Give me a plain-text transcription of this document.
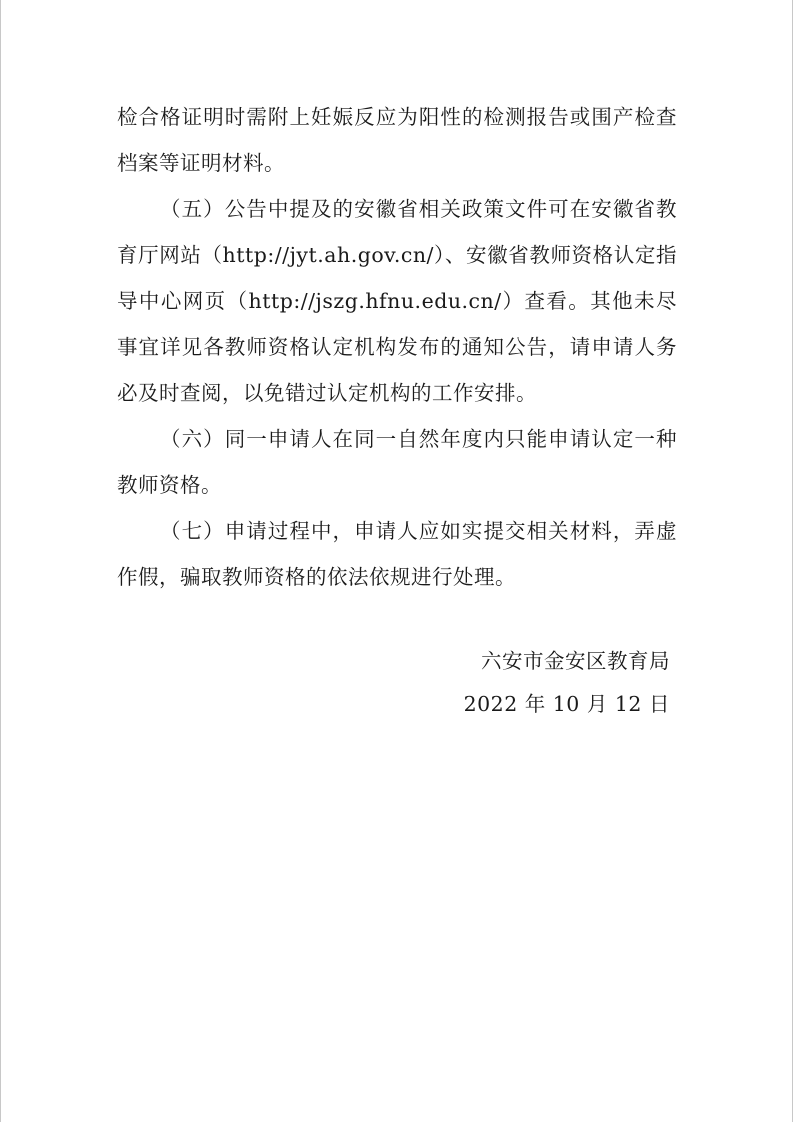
检合格证明时需附上妊娠反应为阳性的检测报告或围产检查档案等证明材料。

（五）公告中提及的安徽省相关政策文件可在安徽省教育厅网站（http://jyt.ah.gov.cn/）、安徽省教师资格认定指导中心网页（http://jszg.hfnu.edu.cn/）查看。其他未尽事宜详见各教师资格认定机构发布的通知公告，请申请人务必及时查阅，以免错过认定机构的工作安排。

（六）同一申请人在同一自然年度内只能申请认定一种教师资格。

（七）申请过程中，申请人应如实提交相关材料，弄虚作假，骗取教师资格的依法依规进行处理。

六安市金安区教育局

2022 年 10 月 12 日
